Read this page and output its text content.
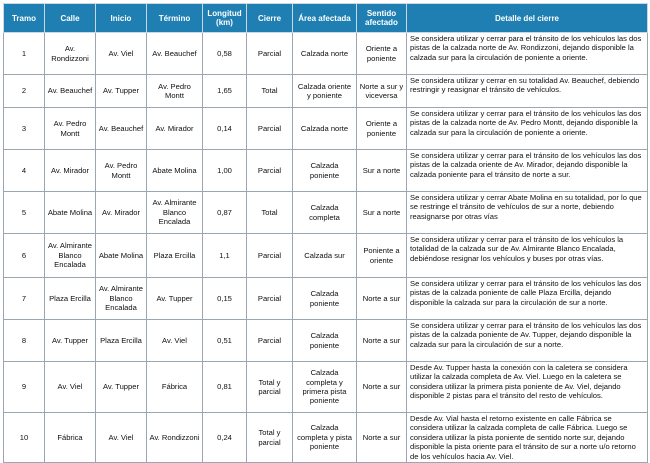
Tramo	Calle	Inicio	Término	Longitud (km)	Cierre	Área afectada	Sentido afectado	Detalle del cierre
1	Av. Rondizzoni	Av. Viel	Av. Beauchef	0,58	Parcial	Calzada norte	Oriente a poniente	Se considera utilizar y cerrar para el tránsito de los vehículos las dos pistas de la calzada norte de Av. Rondizzoni, dejando disponible la calzada sur para la circulación de poniente a oriente.
2	Av. Beauchef	Av. Tupper	Av. Pedro Montt	1,65	Total	Calzada oriente y poniente	Norte a sur y viceversa	Se considera utilizar y cerrar en su totalidad Av. Beauchef, debiendo restringir y reasignar el tránsito de vehículos.
3	Av. Pedro Montt	Av. Beauchef	Av. Mirador	0,14	Parcial	Calzada norte	Oriente a poniente	Se considera utilizar y cerrar para el tránsito de los vehículos las dos pistas de la calzada norte de Av. Pedro Montt, dejando disponible la calzada sur para la circulación de poniente a oriente.
4	Av. Mirador	Av. Pedro Montt	Abate Molina	1,00	Parcial	Calzada poniente	Sur a norte	Se considera utilizar y cerrar para el tránsito de los vehículos las dos pistas de la calzada oriente de Av. Mirador, dejando disponible la calzada poniente para el tránsito de norte a sur.
5	Abate Molina	Av. Mirador	Av. Almirante Blanco Encalada	0,87	Total	Calzada completa	Sur a norte	Se considera utilizar y cerrar Abate Molina en su totalidad, por lo que se restringe el tránsito de vehículos de sur a norte, debiendo reasignarse por otras vías
6	Av. Almirante Blanco Encalada	Abate Molina	Plaza Ercilla	1,1	Parcial	Calzada sur	Poniente a oriente	Se considera utilizar y cerrar para el tránsito de los vehículos la totalidad de la calzada sur de Av. Almirante Blanco Encalada, debiéndose resignar los vehículos y buses por otras vías.
7	Plaza Ercilla	Av. Almirante Blanco Encalada	Av. Tupper	0,15	Parcial	Calzada poniente	Norte a sur	Se considera utilizar y cerrar para el tránsito de los vehículos las dos pistas de la calzada poniente de calle Plaza Ercilla, dejando disponible la calzada sur para la circulación de sur a norte.
8	Av. Tupper	Plaza Ercilla	Av. Viel	0,51	Parcial	Calzada poniente	Norte a sur	Se considera utilizar y cerrar para el tránsito de los vehículos las dos pistas de la calzada poniente de Av. Tupper, dejando disponible la calzada sur para la circulación de sur a norte.
9	Av. Viel	Av. Tupper	Fábrica	0,81	Total y parcial	Calzada completa y primera pista poniente	Norte a sur	Desde Av. Tupper hasta la conexión con la caletera se considera utilizar la calzada completa de Av. Viel. Luego en la caletera se considera utilizar la primera pista poniente de Av. Viel, dejando disponible 2 pistas para el tránsito del resto de vehículos.
10	Fábrica	Av. Viel	Av. Rondizzoni	0,24	Total y parcial	Calzada completa y pista poniente	Norte a sur	Desde Av. Vial hasta el retorno existente en calle Fábrica se considera utilizar la calzada completa de calle Fábrica. Luego se considera utilizar la pista poniente de sentido norte sur, dejando disponible la pista oriente para el tránsito de sur a norte u/o retorno de los vehículos hacia Av. Viel.
